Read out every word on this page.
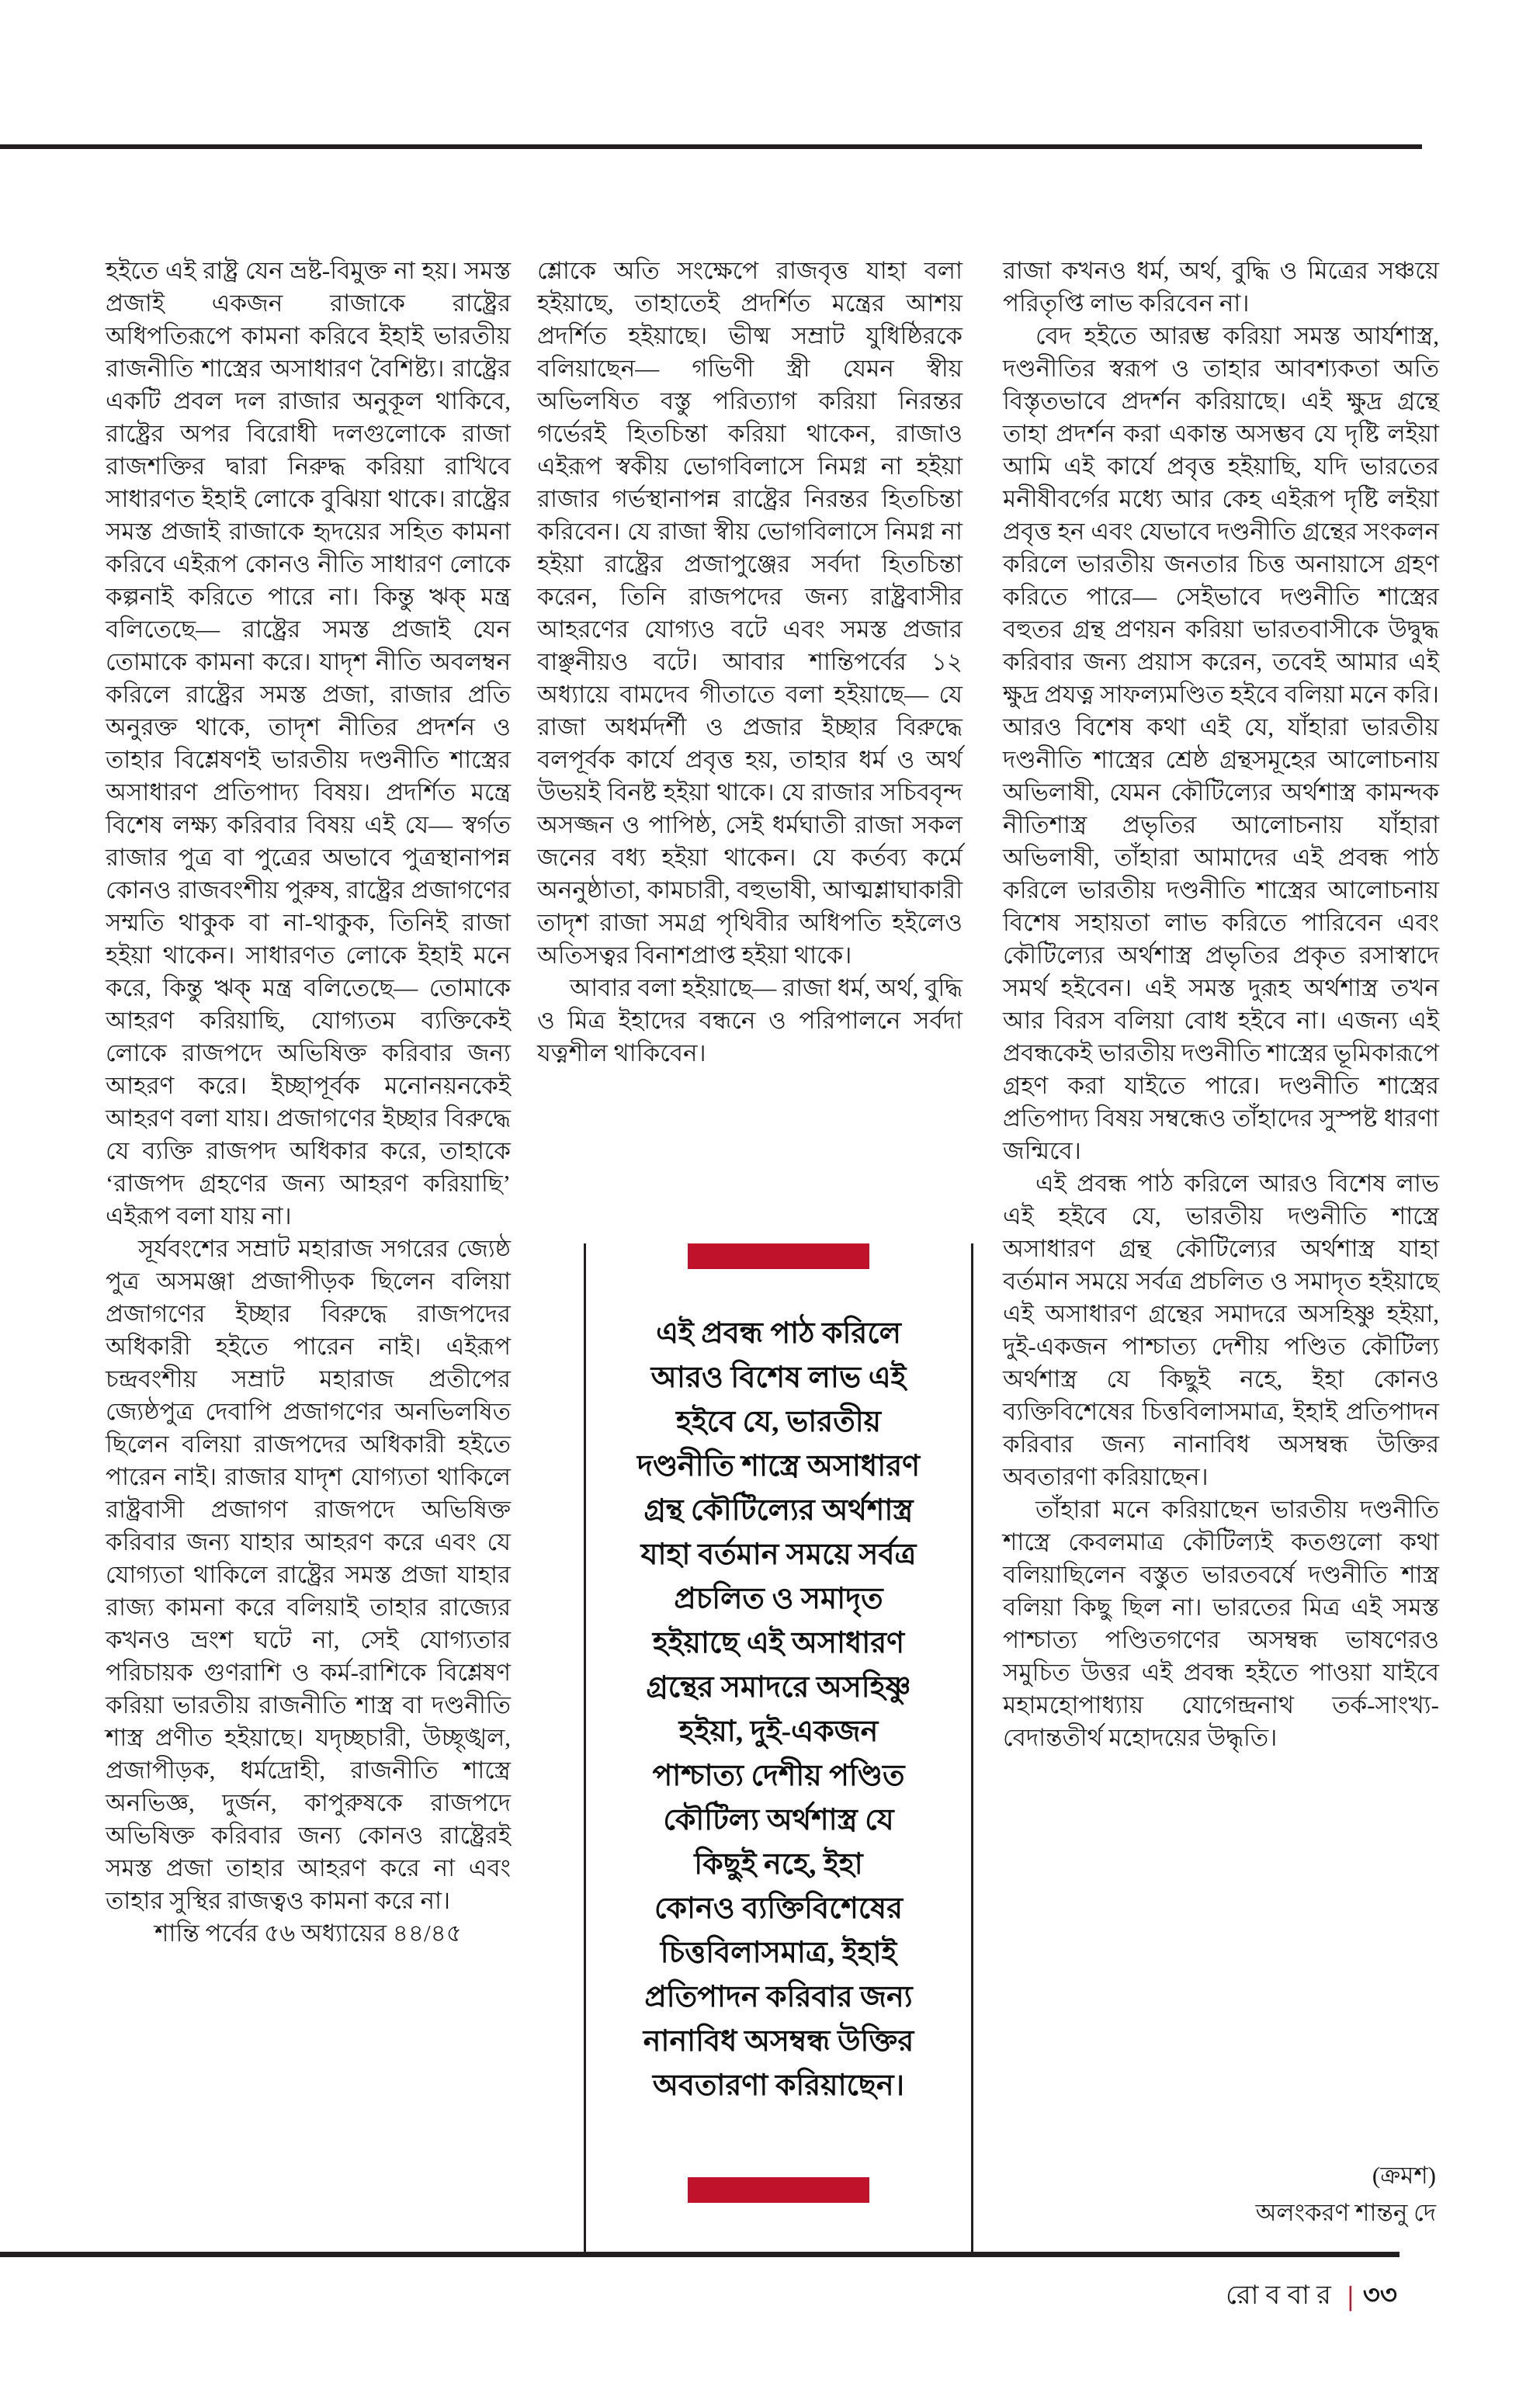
হইতে এই রাষ্ট্র যেন ভ্রষ্ট-বিমুক্ত না হয়। সমস্ত প্রজাই একজন রাজাকে রাষ্ট্রের অধিপতিরূপে কামনা করিবে ইহাই ভারতীয় রাজনীতি শাস্ত্রের অসাধারণ বৈশিষ্ট্য। রাষ্ট্রের একটি প্রবল দল রাজার অনুকূল থাকিবে, রাষ্ট্রের অপর বিরোধী দলগুলোকে রাজা রাজশক্তির দ্বারা নিরুদ্ধ করিয়া রাখিবে সাধারণত ইহাই লোকে বুঝিয়া থাকে। রাষ্ট্রের সমস্ত প্রজাই রাজাকে হৃদয়ের সহিত কামনা করিবে এইরূপ কোনও নীতি সাধারণ লোকে কল্পনাই করিতে পারে না। কিন্তু ঋক্ মন্ত্র বলিতেছে— রাষ্ট্রের সমস্ত প্রজাই যেন তোমাকে কামনা করে। যাদৃশ নীতি অবলম্বন করিলে রাষ্ট্রের সমস্ত প্রজা, রাজার প্রতি অনুরক্ত থাকে, তাদৃশ নীতির প্রদর্শন ও তাহার বিশ্লেষণই ভারতীয় দণ্ডনীতি শাস্ত্রের অসাধারণ প্রতিপাদ্য বিষয়। প্রদর্শিত মন্ত্রে বিশেষ লক্ষ্য করিবার বিষয় এই যে— স্বর্গত রাজার পুত্র বা পুত্রের অভাবে পুত্রস্থানাপন্ন কোনও রাজবংশীয় পুরুষ, রাষ্ট্রের প্রজাগণের সম্মতি থাকুক বা না-থাকুক, তিনিই রাজা হইয়া থাকেন। সাধারণত লোকে ইহাই মনে করে, কিন্তু ঋক্ মন্ত্র বলিতেছে— তোমাকে আহরণ করিয়াছি, যোগ্যতম ব্যক্তিকেই লোকে রাজপদে অভিষিক্ত করিবার জন্য আহরণ করে। ইচ্ছাপূর্বক মনোনয়নকেই আহরণ বলা যায়। প্রজাগণের ইচ্ছার বিরুদ্ধে যে ব্যক্তি রাজপদ অধিকার করে, তাহাকে ‘রাজপদ গ্রহণের জন্য আহরণ করিয়াছি’ এইরূপ বলা যায় না।

সূর্যবংশের সম্রাট মহারাজ সগরের জ্যেষ্ঠ পুত্র অসমঞ্জা প্রজাপীড়ক ছিলেন বলিয়া প্রজাগণের ইচ্ছার বিরুদ্ধে রাজপদের অধিকারী হইতে পারেন নাই। এইরূপ চন্দ্রবংশীয় সম্রাট মহারাজ প্রতীপের জ্যেষ্ঠপুত্র দেবাপি প্রজাগণের অনভিলষিত ছিলেন বলিয়া রাজপদের অধিকারী হইতে পারেন নাই। রাজার যাদৃশ যোগ্যতা থাকিলে রাষ্ট্রবাসী প্রজাগণ রাজপদে অভিষিক্ত করিবার জন্য যাহার আহরণ করে এবং যে যোগ্যতা থাকিলে রাষ্ট্রের সমস্ত প্রজা যাহার রাজ্য কামনা করে বলিয়াই তাহার রাজ্যের কখনও ভ্রংশ ঘটে না, সেই যোগ্যতার পরিচায়ক গুণরাশি ও কর্ম-রাশিকে বিশ্লেষণ করিয়া ভারতীয় রাজনীতি শাস্ত্র বা দণ্ডনীতি শাস্ত্র প্রণীত হইয়াছে। যদৃচ্ছচারী, উচ্ছৃঙ্খল, প্রজাপীড়ক, ধর্মদ্রোহী, রাজনীতি শাস্ত্রে অনভিজ্ঞ, দুর্জন, কাপুরুষকে রাজপদে অভিষিক্ত করিবার জন্য কোনও রাষ্ট্রেরই সমস্ত প্রজা তাহার আহরণ করে না এবং তাহার সুস্থির রাজত্বও কামনা করে না।

শান্তি পর্বের ৫৬ অধ্যায়ের ৪৪/৪৫

শ্লোকে অতি সংক্ষেপে রাজবৃত্ত যাহা বলা হইয়াছে, তাহাতেই প্রদর্শিত মন্ত্রের আশয় প্রদর্শিত হইয়াছে। ভীষ্ম সম্রাট যুধিষ্ঠিরকে বলিয়াছেন— গভিণী স্ত্রী যেমন স্বীয় অভিলষিত বস্তু পরিত্যাগ করিয়া নিরন্তর গর্ভেরই হিতচিন্তা করিয়া থাকেন, রাজাও এইরূপ স্বকীয় ভোগবিলাসে নিমগ্ন না হইয়া রাজার গর্ভস্থানাপন্ন রাষ্ট্রের নিরন্তর হিতচিন্তা করিবেন। যে রাজা স্বীয় ভোগবিলাসে নিমগ্ন না হইয়া রাষ্ট্রের প্রজাপুঞ্জের সর্বদা হিতচিন্তা করেন, তিনি রাজপদের জন্য রাষ্ট্রবাসীর আহরণের যোগ্যও বটে এবং সমস্ত প্রজার বাঞ্ছনীয়ও বটে। আবার শান্তিপর্বের ১২ অধ্যায়ে বামদেব গীতাতে বলা হইয়াছে— যে রাজা অধর্মদর্শী ও প্রজার ইচ্ছার বিরুদ্ধে বলপূর্বক কার্যে প্রবৃত্ত হয়, তাহার ধর্ম ও অর্থ উভয়ই বিনষ্ট হইয়া থাকে। যে রাজার সচিববৃন্দ অসজ্জন ও পাপিষ্ঠ, সেই ধর্মঘাতী রাজা সকল জনের বধ্য হইয়া থাকেন। যে কর্তব্য কর্মে অননুষ্ঠাতা, কামচারী, বহুভাষী, আত্মশ্লাঘাকারী তাদৃশ রাজা সমগ্র পৃথিবীর অধিপতি হইলেও অতিসত্বর বিনাশপ্রাপ্ত হইয়া থাকে।

আবার বলা হইয়াছে— রাজা ধর্ম, অর্থ, বুদ্ধি ও মিত্র ইহাদের বন্ধনে ও পরিপালনে সর্বদা যত্নশীল থাকিবেন।

রাজা কখনও ধর্ম, অর্থ, বুদ্ধি ও মিত্রের সঞ্চয়ে পরিতৃপ্তি লাভ করিবেন না।

বেদ হইতে আরম্ভ করিয়া সমস্ত আর্যশাস্ত্র, দণ্ডনীতির স্বরূপ ও তাহার আবশ্যকতা অতি বিস্তৃতভাবে প্রদর্শন করিয়াছে। এই ক্ষুদ্র গ্রন্থে তাহা প্রদর্শন করা একান্ত অসম্ভব যে দৃষ্টি লইয়া আমি এই কার্যে প্রবৃত্ত হইয়াছি, যদি ভারতের মনীষীবর্গের মধ্যে আর কেহ এইরূপ দৃষ্টি লইয়া প্রবৃত্ত হন এবং যেভাবে দণ্ডনীতি গ্রন্থের সংকলন করিলে ভারতীয় জনতার চিত্ত অনায়াসে গ্রহণ করিতে পারে— সেইভাবে দণ্ডনীতি শাস্ত্রের বহুতর গ্রন্থ প্রণয়ন করিয়া ভারতবাসীকে উদ্বুদ্ধ করিবার জন্য প্রয়াস করেন, তবেই আমার এই ক্ষুদ্র প্রযত্ন সাফল্যমণ্ডিত হইবে বলিয়া মনে করি। আরও বিশেষ কথা এই যে, যাঁহারা ভারতীয় দণ্ডনীতি শাস্ত্রের শ্রেষ্ঠ গ্রন্থসমূহের আলোচনায় অভিলাষী, যেমন কৌটিল্যের অর্থশাস্ত্র কামন্দক নীতিশাস্ত্র প্রভৃতির আলোচনায় যাঁহারা অভিলাষী, তাঁহারা আমাদের এই প্রবন্ধ পাঠ করিলে ভারতীয় দণ্ডনীতি শাস্ত্রের আলোচনায় বিশেষ সহায়তা লাভ করিতে পারিবেন এবং কৌটিল্যের অর্থশাস্ত্র প্রভৃতির প্রকৃত রসাস্বাদে সমর্থ হইবেন। এই সমস্ত দুরূহ অর্থশাস্ত্র তখন আর বিরস বলিয়া বোধ হইবে না। এজন্য এই প্রবন্ধকেই ভারতীয় দণ্ডনীতি শাস্ত্রের ভূমিকারূপে গ্রহণ করা যাইতে পারে। দণ্ডনীতি শাস্ত্রের প্রতিপাদ্য বিষয় সম্বন্ধেও তাঁহাদের সুস্পষ্ট ধারণা জন্মিবে।

এই প্রবন্ধ পাঠ করিলে আরও বিশেষ লাভ এই হইবে যে, ভারতীয় দণ্ডনীতি শাস্ত্রে অসাধারণ গ্রন্থ কৌটিল্যের অর্থশাস্ত্র যাহা বর্তমান সময়ে সর্বত্র প্রচলিত ও সমাদৃত হইয়াছে এই অসাধারণ গ্রন্থের সমাদরে অসহিষ্ণু হইয়া, দুই-একজন পাশ্চাত্য দেশীয় পণ্ডিত কৌটিল্য অর্থশাস্ত্র যে কিছুই নহে, ইহা কোনও ব্যক্তিবিশেষের চিত্তবিলাসমাত্র, ইহাই প্রতিপাদন করিবার জন্য নানাবিধ অসম্বন্ধ উক্তির অবতারণা করিয়াছেন।

তাঁহারা মনে করিয়াছেন ভারতীয় দণ্ডনীতি শাস্ত্রে কেবলমাত্র কৌটিল্যই কতগুলো কথা বলিয়াছিলেন বস্তুত ভারতবর্ষে দণ্ডনীতি শাস্ত্র বলিয়া কিছু ছিল না। ভারতের মিত্র এই সমস্ত পাশ্চাত্য পণ্ডিতগণের অসম্বন্ধ ভাষণেরও সমুচিত উত্তর এই প্রবন্ধ হইতে পাওয়া যাইবে মহামহোপাধ্যায় যোগেন্দ্রনাথ তর্ক-সাংখ্য-বেদান্ততীর্থ মহোদয়ের উদ্ধৃতি।

এই প্রবন্ধ পাঠ করিলে
আরও বিশেষ লাভ এই
হইবে যে, ভারতীয়
দণ্ডনীতি শাস্ত্রে অসাধারণ
গ্রন্থ কৌটিল্যের অর্থশাস্ত্র
যাহা বর্তমান সময়ে সর্বত্র
প্রচলিত ও সমাদৃত
হইয়াছে এই অসাধারণ
গ্রন্থের সমাদরে অসহিষ্ণু
হইয়া, দুই-একজন
পাশ্চাত্য দেশীয় পণ্ডিত
কৌটিল্য অর্থশাস্ত্র যে
কিছুই নহে, ইহা
কোনও ব্যক্তিবিশেষের
চিত্তবিলাসমাত্র, ইহাই
প্রতিপাদন করিবার জন্য
নানাবিধ অসম্বন্ধ উক্তির
অবতারণা করিয়াছেন।
(ক্রমশ)
অলংকরণ শান্তনু দে
রোববার | ৩৩
